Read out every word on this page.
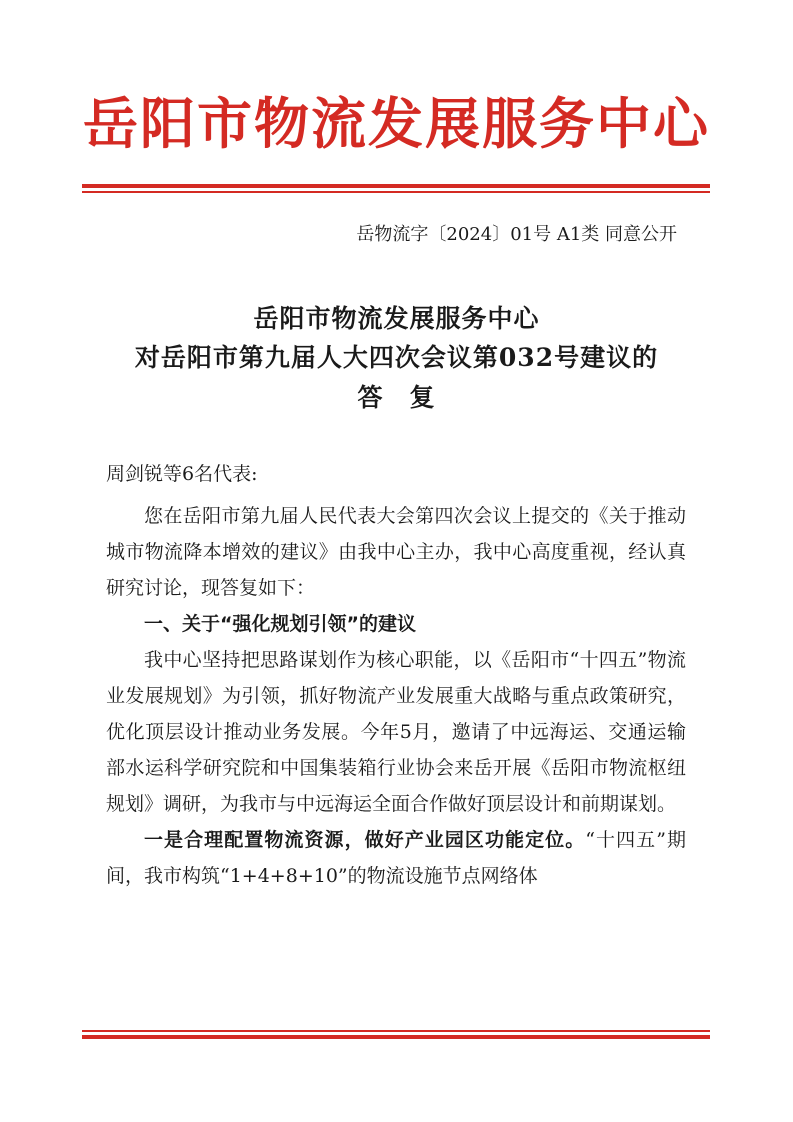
岳阳市物流发展服务中心
岳物流字〔2024〕01号 A1类 同意公开
岳阳市物流发展服务中心
对岳阳市第九届人大四次会议第032号建议的
答　复
周剑锐等6名代表:

您在岳阳市第九届人民代表大会第四次会议上提交的《关于推动城市物流降本增效的建议》由我中心主办，我中心高度重视，经认真研究讨论，现答复如下：

一、关于“强化规划引领”的建议

我中心坚持把思路谋划作为核心职能，以《岳阳市“十四五”物流业发展规划》为引领，抓好物流产业发展重大战略与重点政策研究，优化顶层设计推动业务发展。今年5月，邀请了中远海运、交通运输部水运科学研究院和中国集装箱行业协会来岳开展《岳阳市物流枢纽规划》调研，为我市与中远海运全面合作做好顶层设计和前期谋划。

一是合理配置物流资源，做好产业园区功能定位。“十四五”期间，我市构筑“1+4+8+10”的物流设施节点网络体
